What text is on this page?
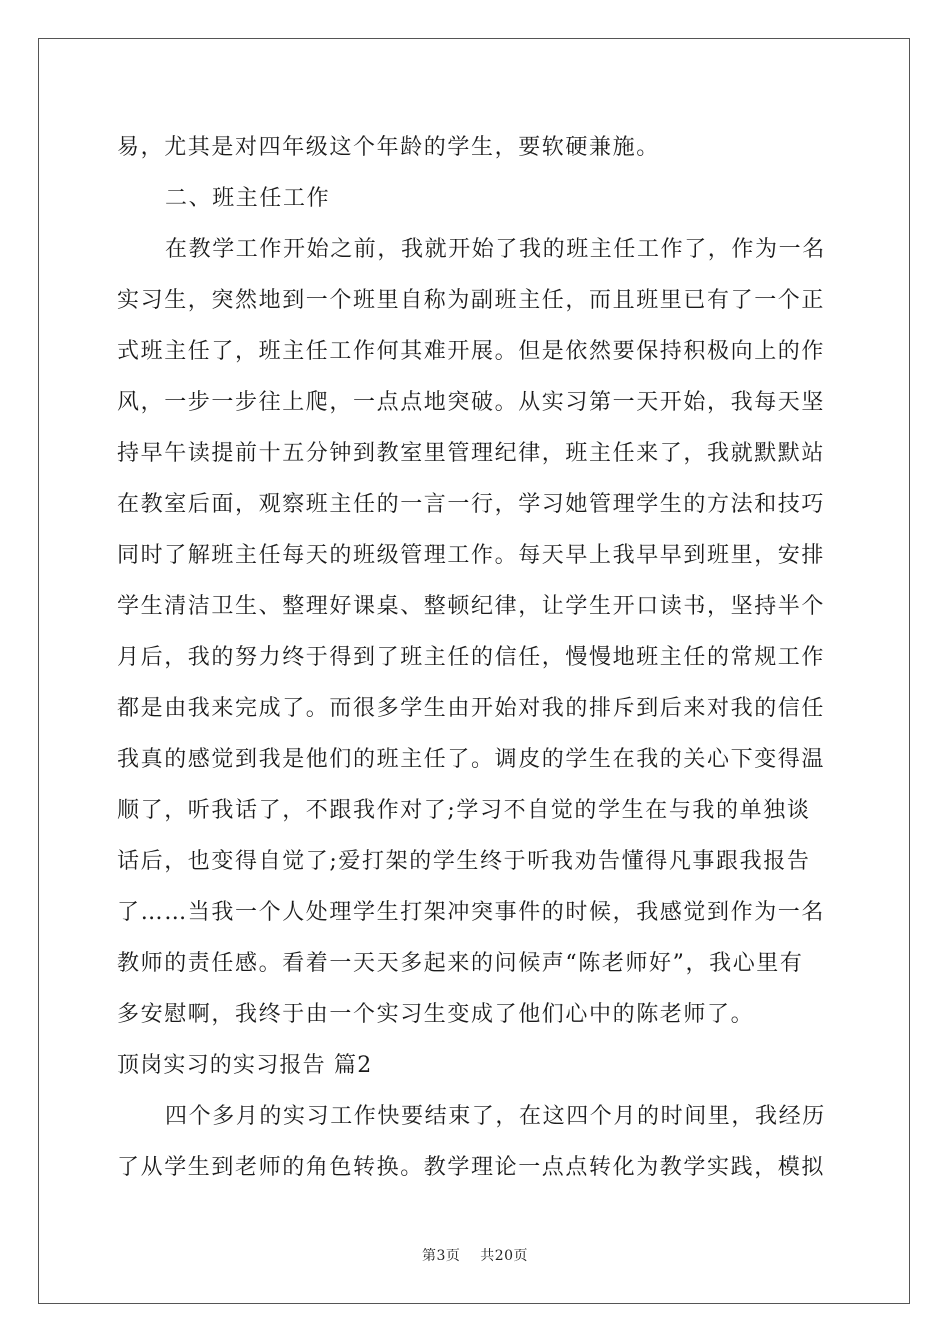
易，尤其是对四年级这个年龄的学生，要软硬兼施。
二、班主任工作
在教学工作开始之前，我就开始了我的班主任工作了，作为一名
实习生，突然地到一个班里自称为副班主任，而且班里已有了一个正
式班主任了，班主任工作何其难开展。但是依然要保持积极向上的作
风，一步一步往上爬，一点点地突破。从实习第一天开始，我每天坚
持早午读提前十五分钟到教室里管理纪律，班主任来了，我就默默站
在教室后面，观察班主任的一言一行，学习她管理学生的方法和技巧
同时了解班主任每天的班级管理工作。每天早上我早早到班里，安排
学生清洁卫生、整理好课桌、整顿纪律，让学生开口读书，坚持半个
月后，我的努力终于得到了班主任的信任，慢慢地班主任的常规工作
都是由我来完成了。而很多学生由开始对我的排斥到后来对我的信任
我真的感觉到我是他们的班主任了。调皮的学生在我的关心下变得温
顺了，听我话了，不跟我作对了;学习不自觉的学生在与我的单独谈
话后，也变得自觉了;爱打架的学生终于听我劝告懂得凡事跟我报告
了……当我一个人处理学生打架冲突事件的时候，我感觉到作为一名
教师的责任感。看着一天天多起来的问候声“陈老师好”，我心里有
多安慰啊，我终于由一个实习生变成了他们心中的陈老师了。
顶岗实习的实习报告 篇2
四个多月的实习工作快要结束了，在这四个月的时间里，我经历
了从学生到老师的角色转换。教学理论一点点转化为教学实践，模拟
第3页 共20页
